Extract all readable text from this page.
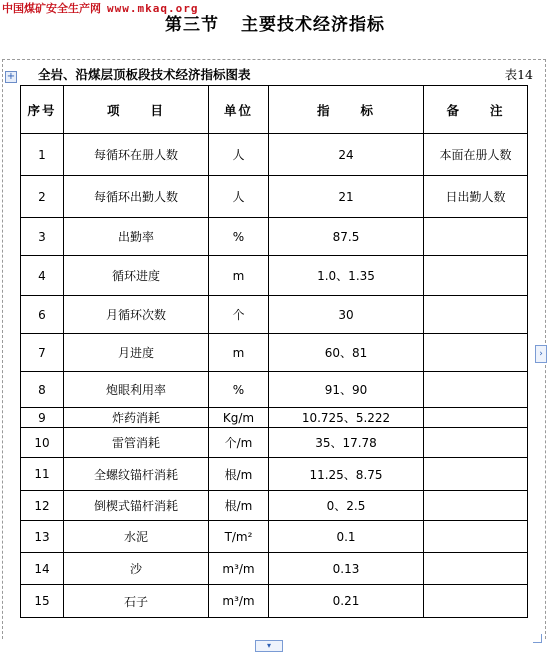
中国煤矿安全生产网 www.mkaq.org
第三节 主要技术经济指标
+ 全岩、沿煤层顶板段技术经济指标图表	表14
序号	项　　目	单位	指　　标	备　　注
1	每循环在册人数	人	24	本面在册人数
2	每循环出勤人数	人	21	日出勤人数
3	出勤率	%	87.5	
4	循环进度	m	1.0、1.35	
6	月循环次数	个	30	
7	月进度	m	60、81	
8	炮眼利用率	%	91、90	
9	炸药消耗	Kg/m	10.725、5.222	
10	雷管消耗	个/m	35、17.78	
11	全螺纹锚杆消耗	根/m	11.25、8.75	
12	倒楔式锚杆消耗	根/m	0、2.5	
13	水泥	T/m²	0.1	
14	沙	m³/m	0.13	
15	石子	m³/m	0.21	
›
▾
